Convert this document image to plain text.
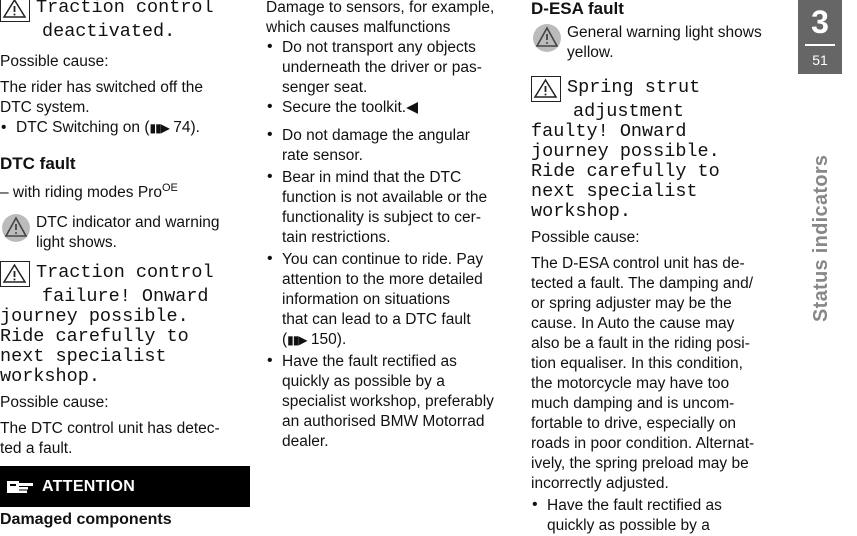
Traction control
deactivated.

Possible cause:

The rider has switched off the

DTC system.

• DTC Switching on (▮▮▶ 74).

DTC fault

– with riding modes Pro$^{OE}$

DTC indicator and warning

light shows.

Traction control
failure! Onward
journey possible.
Ride carefully to
next specialist
workshop.

Possible cause:

The DTC control unit has detec-

ted a fault.

ATTENTION

Damaged components

Damage to sensors, for example,

which causes malfunctions

• Do not transport any objects

underneath the driver or pas-

senger seat.

• Secure the toolkit.◀

• Do not damage the angular

rate sensor.

• Bear in mind that the DTC

function is not available or the

functionality is subject to cer-

tain restrictions.

• You can continue to ride. Pay

attention to the more detailed

information on situations

that can lead to a DTC fault

(▮▮▶ 150).

• Have the fault rectified as

quickly as possible by a

specialist workshop, preferably

an authorised BMW Motorrad

dealer.

D-ESA fault

General warning light shows

yellow.

Spring strut
adjustment
faulty! Onward
journey possible.
Ride carefully to
next specialist
workshop.

Possible cause:

The D-ESA control unit has de-

tected a fault. The damping and/

or spring adjuster may be the

cause. In Auto the cause may

also be a fault in the riding posi-

tion equaliser. In this condition,

the motorcycle may have too

much damping and is uncom-

fortable to drive, especially on

roads in poor condition. Alternat-

ively, the spring preload may be

incorrectly adjusted.

• Have the fault rectified as

quickly as possible by a

3
51
Status indicators
